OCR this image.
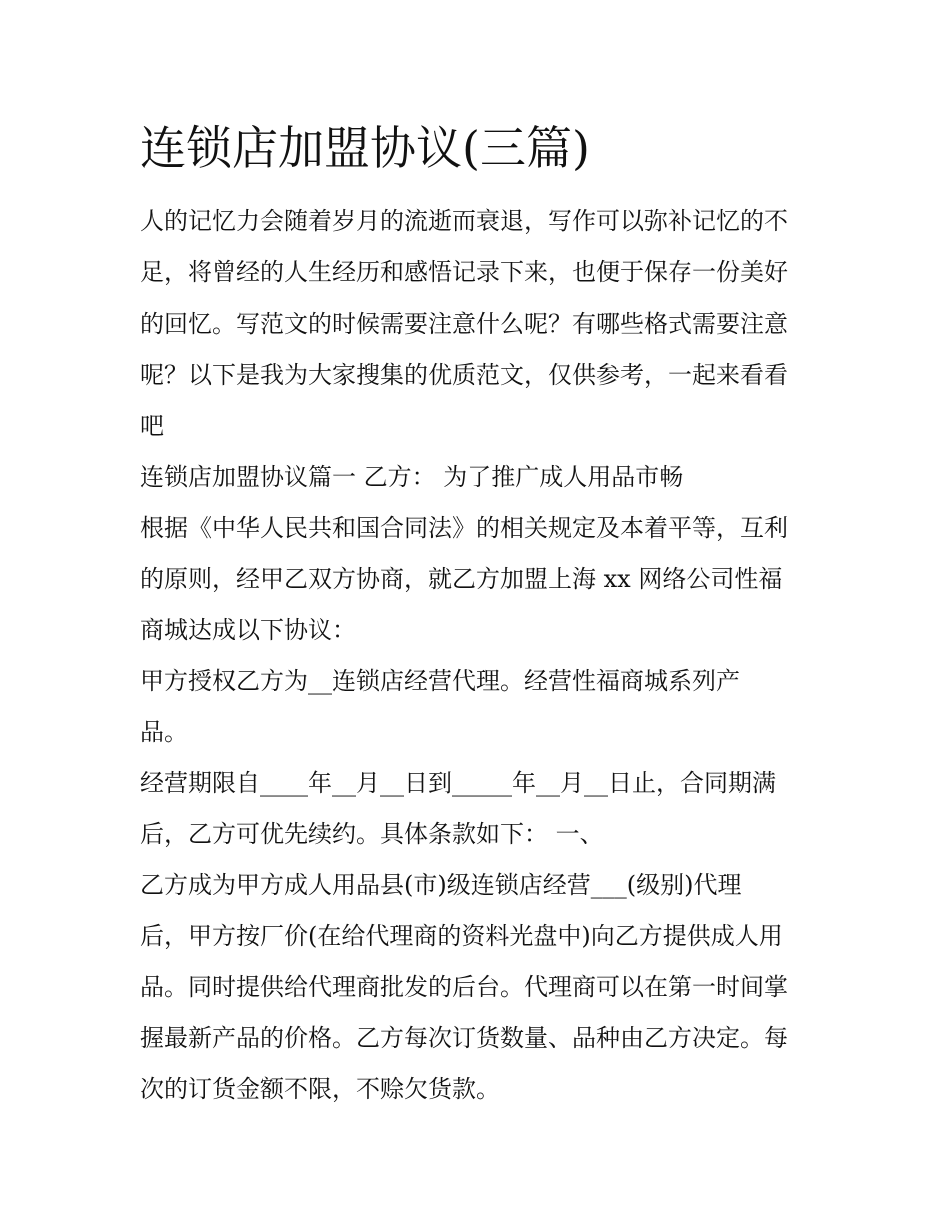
连锁店加盟协议(三篇)

人的记忆力会随着岁月的流逝而衰退，写作可以弥补记忆的不

足，将曾经的人生经历和感悟记录下来，也便于保存一份美好

的回忆。写范文的时候需要注意什么呢？有哪些格式需要注意

呢？以下是我为大家搜集的优质范文，仅供参考，一起来看看

吧

连锁店加盟协议篇一 乙方： 为了推广成人用品市畅

根据《中华人民共和国合同法》的相关规定及本着平等，互利

的原则，经甲乙双方协商，就乙方加盟上海 xx 网络公司性福

商城达成以下协议：

甲方授权乙方为__连锁店经营代理。经营性福商城系列产

品。

经营期限自____年__月__日到_____年__月__日止，合同期满

后，乙方可优先续约。具体条款如下： 一、

乙方成为甲方成人用品县(市)级连锁店经营___(级别)代理

后，甲方按厂价(在给代理商的资料光盘中)向乙方提供成人用

品。同时提供给代理商批发的后台。代理商可以在第一时间掌

握最新产品的价格。乙方每次订货数量、品种由乙方决定。每

次的订货金额不限，不赊欠货款。
